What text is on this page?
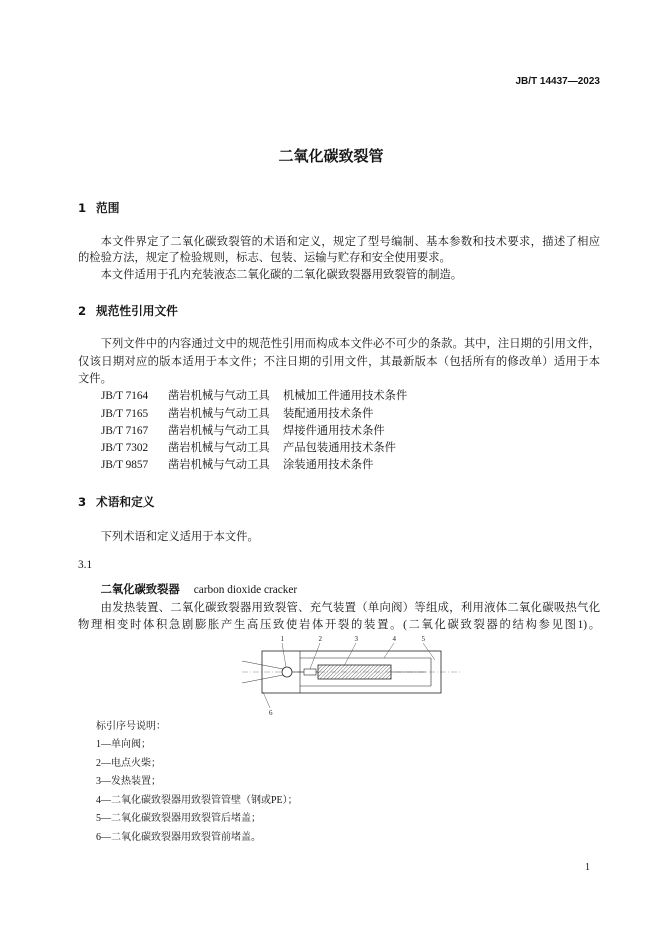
JB/T 14437—2023
二氧化碳致裂管
1 范围
本文件界定了二氧化碳致裂管的术语和定义，规定了型号编制、基本参数和技术要求，描述了相应
的检验方法，规定了检验规则，标志、包装、运输与贮存和安全使用要求。
本文件适用于孔内充装液态二氧化碳的二氧化碳致裂器用致裂管的制造。
2 规范性引用文件
下列文件中的内容通过文中的规范性引用而构成本文件必不可少的条款。其中，注日期的引用文件，
仅该日期对应的版本适用于本文件；不注日期的引用文件，其最新版本（包括所有的修改单）适用于本
文件。
JB/T 7164 凿岩机械与气动工具 机械加工件通用技术条件
JB/T 7165 凿岩机械与气动工具 装配通用技术条件
JB/T 7167 凿岩机械与气动工具 焊接件通用技术条件
JB/T 7302 凿岩机械与气动工具 产品包装通用技术条件
JB/T 9857 凿岩机械与气动工具 涂装通用技术条件
3 术语和定义
下列术语和定义适用于本文件。
3.1
二氧化碳致裂器 carbon dioxide cracker
由发热装置、二氧化碳致裂器用致裂管、充气装置（单向阀）等组成，利用液体二氧化碳吸热气化
物理相变时体积急剧膨胀产生高压致使岩体开裂的装置。(二氧化碳致裂器的结构参见图1)。
1	2	3	4	5
6
标引序号说明：
1—单向阀；
2—电点火柴；
3—发热装置；
4—二氧化碳致裂器用致裂管管壁（钢或PE）；
5—二氧化碳致裂器用致裂管后堵盖；
6—二氧化碳致裂器用致裂管前堵盖。
1
